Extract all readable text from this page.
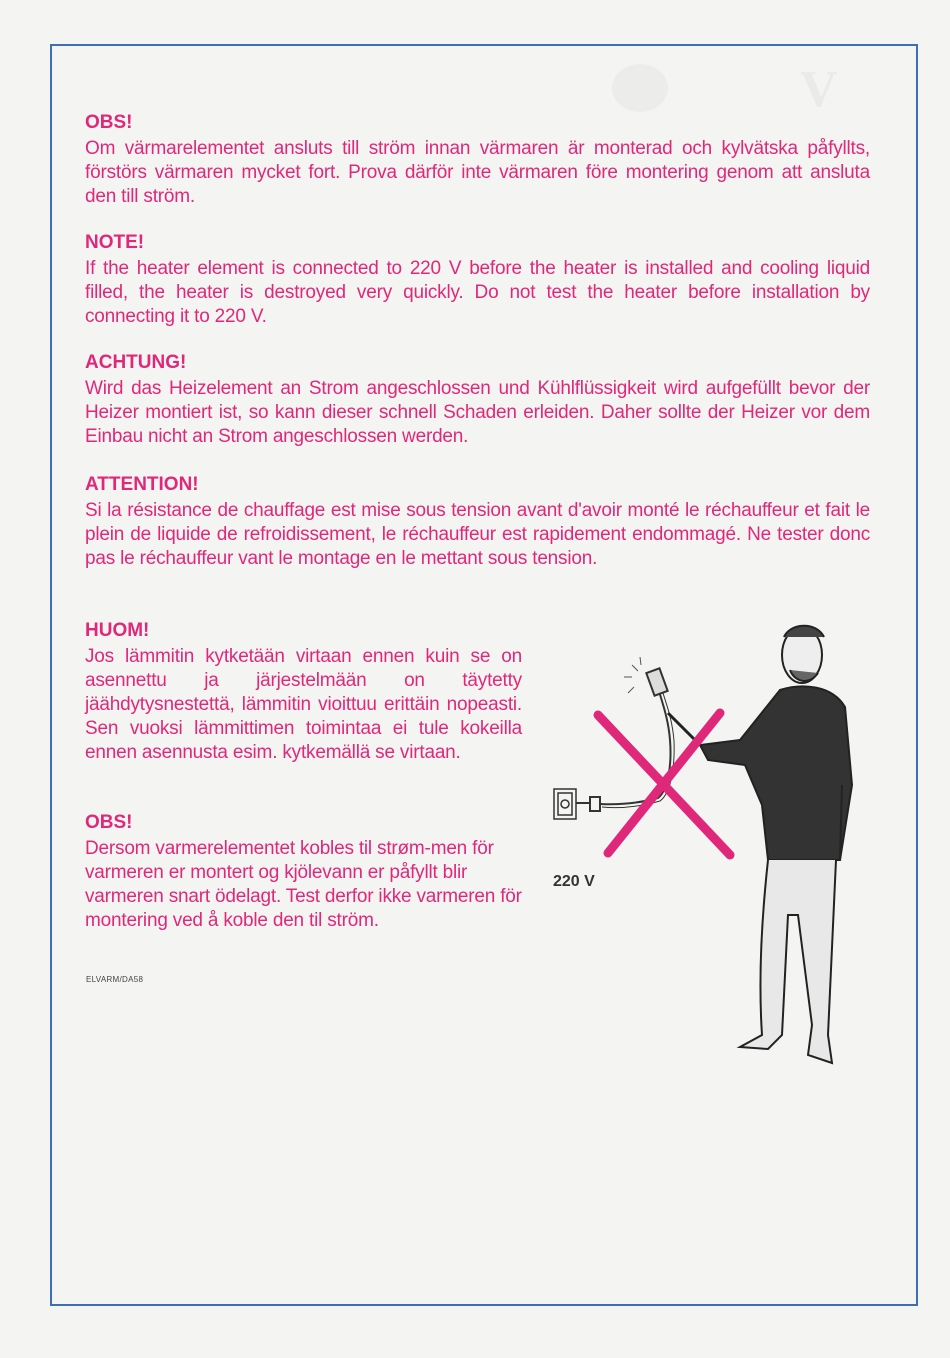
V

OBS!

Om värmarelementet ansluts till ström innan värmaren är monterad och kylvätska påfyllts, förstörs värmaren mycket fort. Prova därför inte värmaren före montering genom att ansluta den till ström.

NOTE!

If the heater element is connected to 220 V before the heater is installed and cooling liquid filled, the heater is destroyed very quickly. Do not test the heater before installation by connecting it to 220 V.

ACHTUNG!

Wird das Heizelement an Strom angeschlossen und Kühlflüssigkeit wird aufgefüllt bevor der Heizer montiert ist, so kann dieser schnell Schaden erleiden. Daher sollte der Heizer vor dem Einbau nicht an Strom angeschlossen werden.

ATTENTION!

Si la résistance de chauffage est mise sous tension avant d'avoir monté le réchauffeur et fait le plein de liquide de refroidissement, le réchauffeur est rapidement endommagé. Ne tester donc pas le réchauffeur vant le montage en le mettant sous tension.

HUOM!

Jos lämmitin kytketään virtaan ennen kuin se on asennettu ja järjestelmään on täytetty jäähdytysnestettä, lämmitin vioittuu erittäin nopeasti. Sen vuoksi lämmittimen toimintaa ei tule kokeilla ennen asennusta esim. kytkemällä se virtaan.

OBS!

Dersom varmerelementet kobles til strøm-men för varmeren er montert og kjölevann er påfyllt blir varmeren snart ödelagt. Test derfor ikke varmeren för montering ved å koble den til ström.

ELVARM/DA58
220 V
